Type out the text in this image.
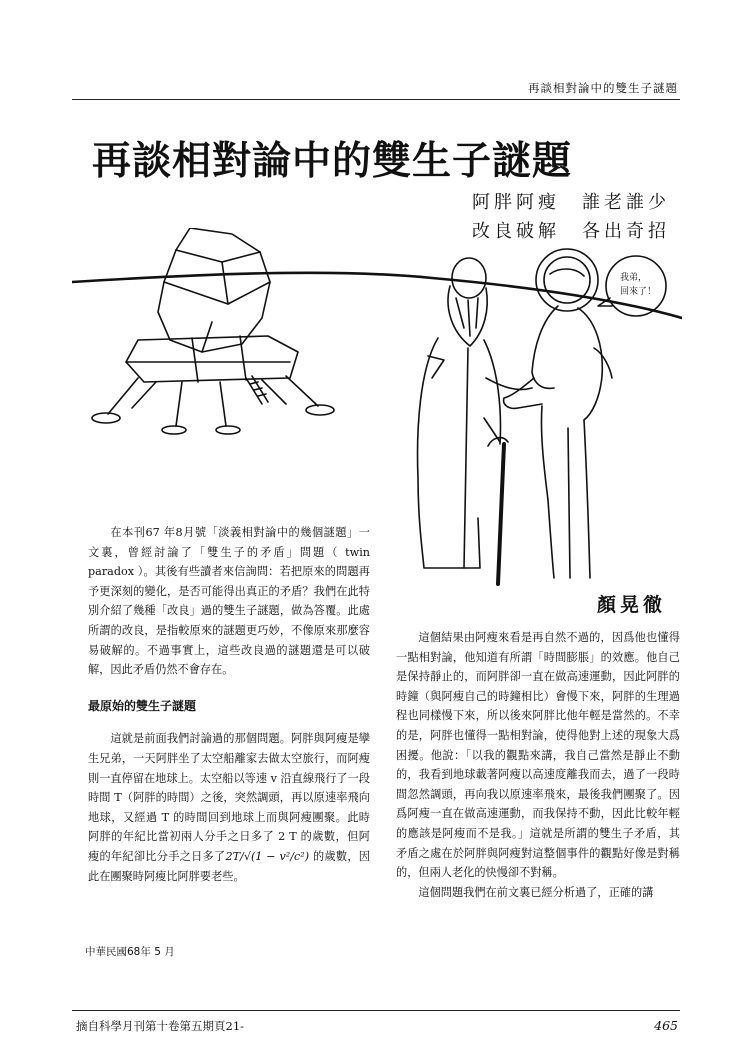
再談相對論中的雙生子謎題
再談相對論中的雙生子謎題
阿胖阿瘦　誰老誰少
改良破解　各出奇招
我弟，
回來了！
顏晃徹

在本刊67 年8月號「淡義相對論中的幾個謎題」一文裏，曾經討論了「雙生子的矛盾」問題（ twin paradox ）。其後有些讀者來信詢問：若把原來的問題再予更深刻的變化，是否可能得出真正的矛盾？我們在此特別介紹了幾種「改良」過的雙生子謎題，做為答覆。此處所謂的改良，是指較原來的謎題更巧妙，不像原來那麼容易破解的。不過事實上，這些改良過的謎題還是可以破解，因此矛盾仍然不會存在。

最原始的雙生子謎題

這就是前面我們討論過的那個問題。阿胖與阿瘦是孿生兄弟，一天阿胖坐了太空船離家去做太空旅行，而阿瘦則一直停留在地球上。太空船以等速 v 沿直線飛行了一段時間 T（阿胖的時間）之後，突然調頭，再以原速率飛向地球，又經過 T 的時間回到地球上而與阿瘦團聚。此時阿胖的年紀比當初兩人分手之日多了 2 T 的歲數，但阿瘦的年紀卻比分手之日多了2T/√(1 − v²/c²) 的歲數，因此在團聚時阿瘦比阿胖要老些。

這個結果由阿瘦來看是再自然不過的，因爲他也懂得一點相對論，他知道有所謂「時間膨脹」的效應。他自己是保持靜止的，而阿胖卻一直在做高速運動，因此阿胖的時鐘（與阿瘦自己的時鐘相比）會慢下來，阿胖的生理過程也同樣慢下來，所以後來阿胖比他年輕是當然的。不幸的是，阿胖也懂得一點相對論，使得他對上述的現象大爲困擾。他說：「以我的觀點來講，我自己當然是靜止不動的，我看到地球載著阿瘦以高速度離我而去，過了一段時間忽然調頭，再向我以原速率飛來，最後我們團聚了。因爲阿瘦一直在做高速運動，而我保持不動，因此比較年輕的應該是阿瘦而不是我。」這就是所謂的雙生子矛盾，其矛盾之處在於阿胖與阿瘦對這整個事件的觀點好像是對稱的，但兩人老化的快慢卻不對稱。

這個問題我們在前文裏已經分析過了，正確的講

中華民國68年 5 月
摘自科學月刊第十卷第五期頁21-	465
